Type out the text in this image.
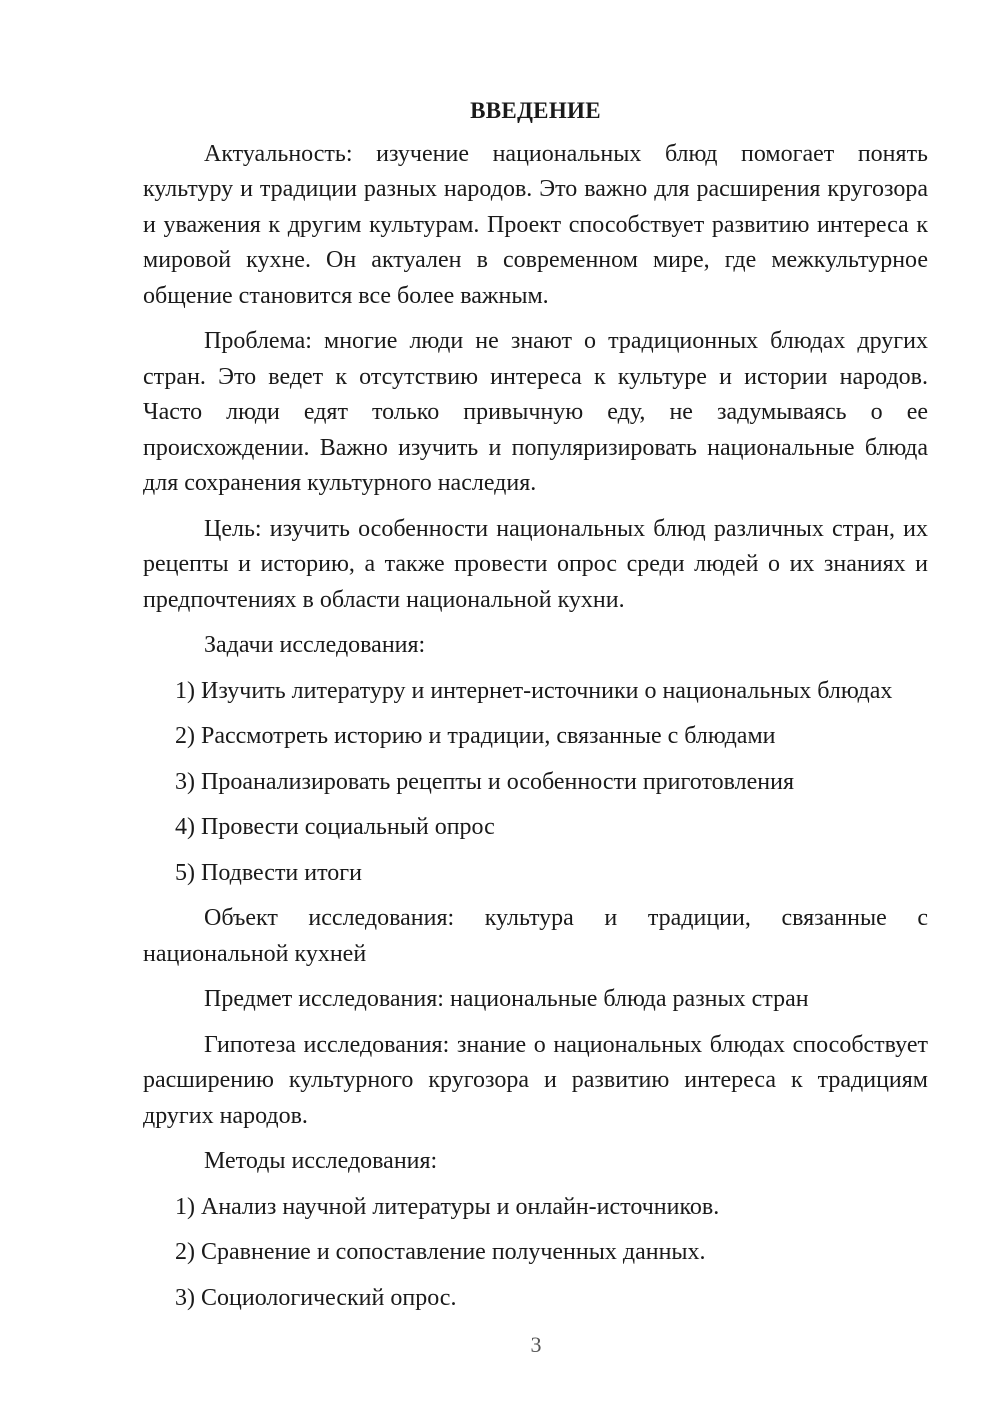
ВВЕДЕНИЕ
Актуальность: изучение национальных блюд помогает понять культуру и традиции разных народов. Это важно для расширения кругозора и уважения к другим культурам. Проект способствует развитию интереса к мировой кухне. Он актуален в современном мире, где межкультурное общение становится все более важным.
Проблема: многие люди не знают о традиционных блюдах других стран. Это ведет к отсутствию интереса к культуре и истории народов. Часто люди едят только привычную еду, не задумываясь о ее происхождении. Важно изучить и популяризировать национальные блюда для сохранения культурного наследия.
Цель: изучить особенности национальных блюд различных стран, их рецепты и историю, а также провести опрос среди людей о их знаниях и предпочтениях в области национальной кухни.
Задачи исследования:
1) Изучить литературу и интернет-источники о национальных блюдах
2) Рассмотреть историю и традиции, связанные с блюдами
3) Проанализировать рецепты и особенности приготовления
4) Провести социальный опрос
5) Подвести итоги
Объект исследования: культура и традиции, связанные с национальной кухней
Предмет исследования: национальные блюда разных стран
Гипотеза исследования: знание о национальных блюдах способствует расширению культурного кругозора и развитию интереса к традициям других народов.
Методы исследования:
1) Анализ научной литературы и онлайн-источников.
2) Сравнение и сопоставление полученных данных.
3) Социологический опрос.
3
